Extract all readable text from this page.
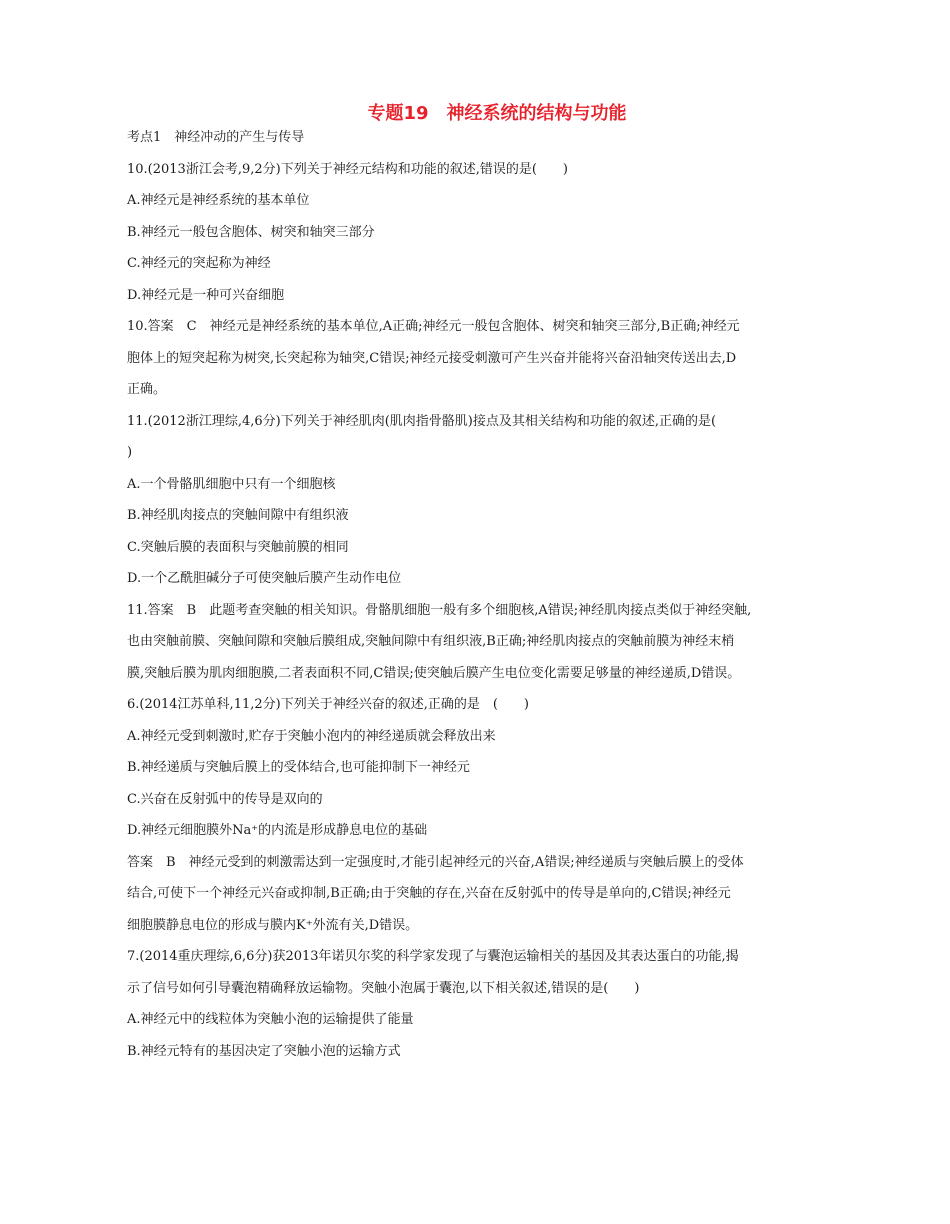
专题19　神经系统的结构与功能

考点1　神经冲动的产生与传导

10.(2013浙江会考,9,2分)下列关于神经元结构和功能的叙述,错误的是(　　)

A.神经元是神经系统的基本单位

B.神经元一般包含胞体、树突和轴突三部分

C.神经元的突起称为神经

D.神经元是一种可兴奋细胞

10.答案　C　神经元是神经系统的基本单位,A正确;神经元一般包含胞体、树突和轴突三部分,B正确;神经元

胞体上的短突起称为树突,长突起称为轴突,C错误;神经元接受刺激可产生兴奋并能将兴奋沿轴突传送出去,D

正确。

11.(2012浙江理综,4,6分)下列关于神经肌肉(肌肉指骨骼肌)接点及其相关结构和功能的叙述,正确的是(

)

A.一个骨骼肌细胞中只有一个细胞核

B.神经肌肉接点的突触间隙中有组织液

C.突触后膜的表面积与突触前膜的相同

D.一个乙酰胆碱分子可使突触后膜产生动作电位

11.答案　B　此题考查突触的相关知识。骨骼肌细胞一般有多个细胞核,A错误;神经肌肉接点类似于神经突触,

也由突触前膜、突触间隙和突触后膜组成,突触间隙中有组织液,B正确;神经肌肉接点的突触前膜为神经末梢

膜,突触后膜为肌肉细胞膜,二者表面积不同,C错误;使突触后膜产生电位变化需要足够量的神经递质,D错误。

6.(2014江苏单科,11,2分)下列关于神经兴奋的叙述,正确的是　(　　)

A.神经元受到刺激时,贮存于突触小泡内的神经递质就会释放出来

B.神经递质与突触后膜上的受体结合,也可能抑制下一神经元

C.兴奋在反射弧中的传导是双向的

D.神经元细胞膜外Na⁺的内流是形成静息电位的基础

答案　B　神经元受到的刺激需达到一定强度时,才能引起神经元的兴奋,A错误;神经递质与突触后膜上的受体

结合,可使下一个神经元兴奋或抑制,B正确;由于突触的存在,兴奋在反射弧中的传导是单向的,C错误;神经元

细胞膜静息电位的形成与膜内K⁺外流有关,D错误。

7.(2014重庆理综,6,6分)获2013年诺贝尔奖的科学家发现了与囊泡运输相关的基因及其表达蛋白的功能,揭

示了信号如何引导囊泡精确释放运输物。突触小泡属于囊泡,以下相关叙述,错误的是(　　)

A.神经元中的线粒体为突触小泡的运输提供了能量

B.神经元特有的基因决定了突触小泡的运输方式
